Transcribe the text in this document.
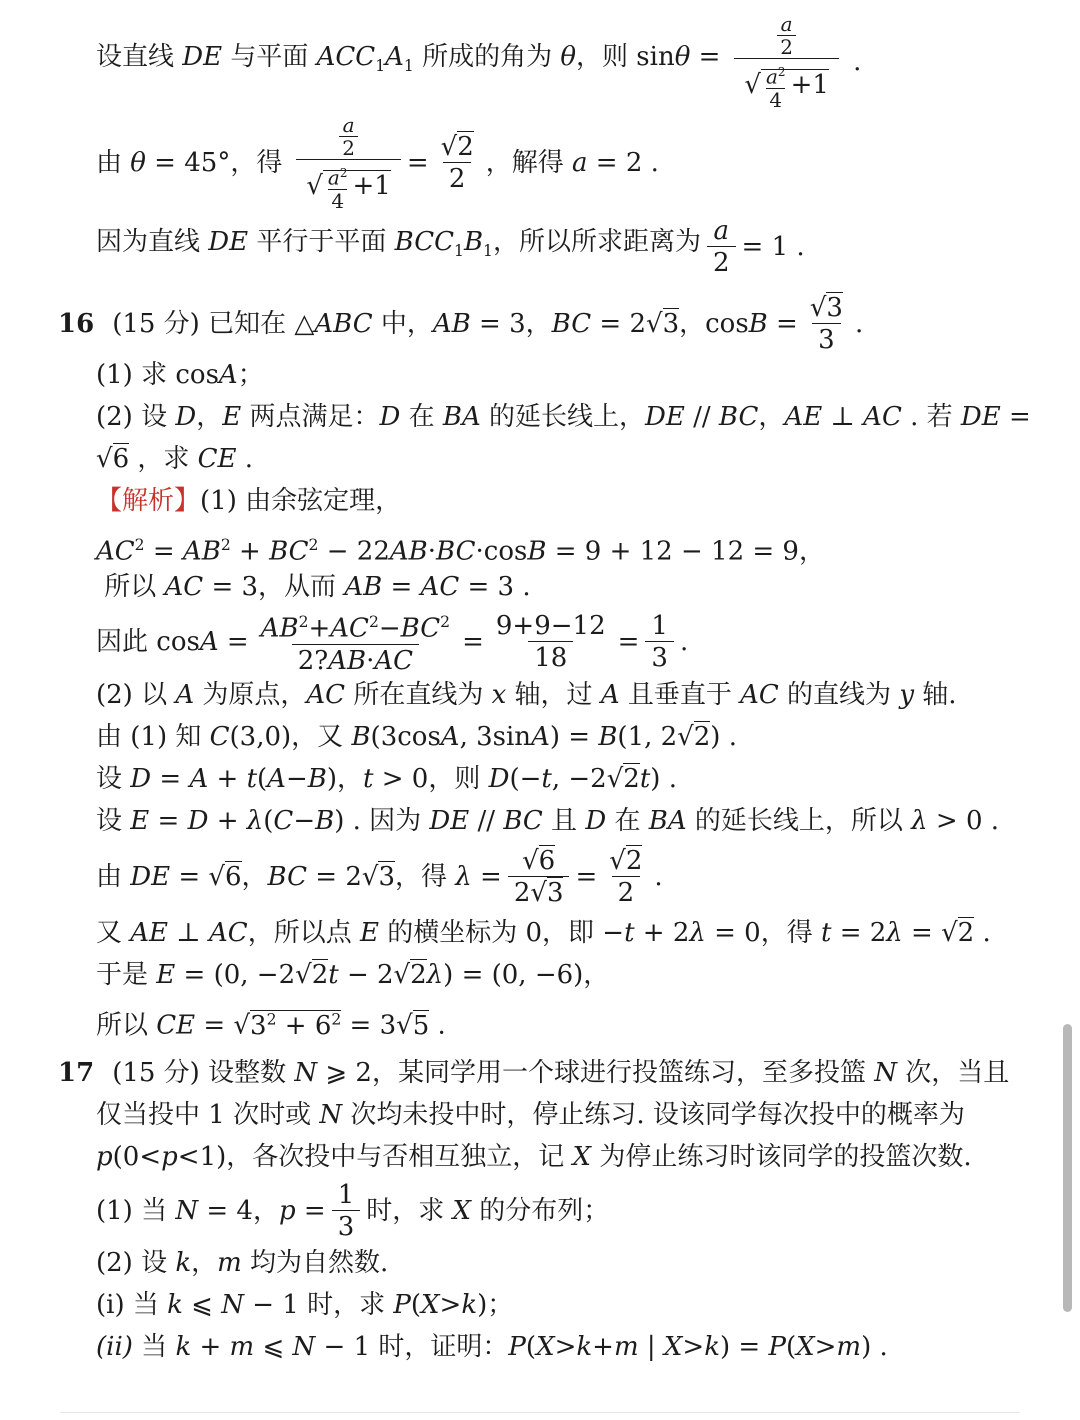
设直线 DE 与平面 $ACC_1A_1$ 所成的角为 θ，则 $\sin\theta = \frac{\frac{a}{2}}{√ \frac{a^2}{4} +1}$ .
由 θ = 45°，得 $\frac{\frac{a}{2}}{√ \frac{a^2}{4} +1} = \frac{√2}{2}$ ，解得 a = 2 .
因为直线 DE 平行于平面 $BCC_1B_1$，所以所求距离为 $\frac{a}{2} = 1$ .
16 (15 分) 已知在 △ABC 中，AB = 3，BC = 2√3，$\cos B = \frac{√3}{3}$ .
(1) 求 cosA；
(2) 设 D，E 两点满足：D 在 BA 的延长线上，DE // BC，AE ⊥ AC . 若 DE =
√6 ，求 CE .
【解析】 (1) 由余弦定理，
$AC^2 = AB^2 + BC^2 - 22AB\cdot BC\cdot\cos B = 9 + 12 - 12 = 9$，
所以 AC = 3，从而 AB = AC = 3 .
因此 $\cos A = \frac{AB^2+AC^2-BC^2}{2?AB\cdot AC} = \frac{9+9-12}{18} = \frac{1}{3}$ .
(2) 以 A 为原点，AC 所在直线为 x 轴，过 A 且垂直于 AC 的直线为 y 轴.
由 (1) 知 C(3,0)，又 B(3cosA, 3sinA) = B(1, 2√2) .
设 D = A + t(A−B)，t > 0，则 D(−t, −2√2t) .
设 E = D + λ(C−B) . 因为 DE // BC 且 D 在 BA 的延长线上，所以 λ > 0 .
由 DE = √6，BC = 2√3，得 $\lambda = \frac{√6}{2√3} = \frac{√2}{2}$ .
又 AE ⊥ AC，所以点 E 的横坐标为 0，即 −t + 2λ = 0，得 t = 2λ = √2 .
于是 E = (0, −2√2t − 2√2λ) = (0, −6)，
所以 CE = $√3^2 + 6^2 = 3√5$ .
17 (15 分) 设整数 N ⩾ 2，某同学用一个球进行投篮练习，至多投篮 N 次，当且
仅当投中 1 次时或 N 次均未投中时，停止练习. 设该同学每次投中的概率为
p(0<p<1)，各次投中与否相互独立，记 X 为停止练习时该同学的投篮次数.
(1) 当 N = 4，$p = \frac{1}{3}$ 时，求 X 的分布列；
(2) 设 k，m 均为自然数.
(i) 当 k ⩽ N − 1 时，求 P(X>k)；
(ii) 当 k + m ⩽ N − 1 时，证明：P(X>k+m | X>k) = P(X>m) .
